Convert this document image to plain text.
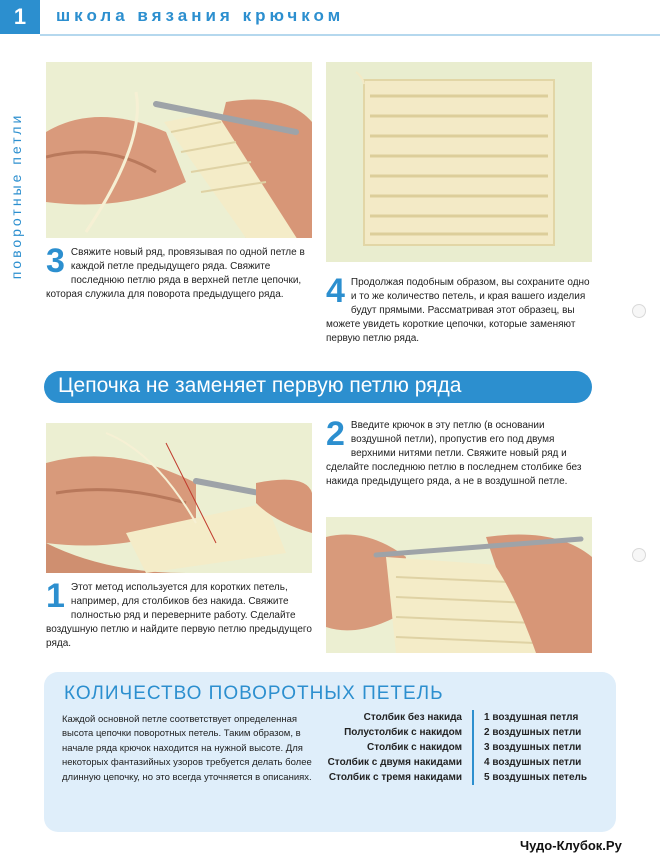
1	школа вязания крючком
поворотные петли 3 Свяжите новый ряд, провязывая по одной петле в каждой петле предыдущего ряда. Свяжите последнюю петлю ряда в верхней петле цепочки, которая служила для поворота предыдущего ряда.	4 Продолжая подобным образом, вы сохраните одно и то же количество петель, и края вашего изделия будут прямыми. Рассматривая этот образец, вы можете увидеть короткие цепочки, которые заменяют первую петлю ряда.
Цепочка не заменяет первую петлю ряда
2 Введите крючок в эту петлю (в основании воздушной петли), пропустив его под двумя верхними нитями петли. Свяжите новый ряд и сделайте последнюю петлю в последнем столбике без накида предыдущего ряда, а не в воздушной петле.
1 Этот метод используется для коротких петель, например, для столбиков без накида. Свяжите полностью ряд и переверните работу. Сделайте воздушную петлю и найдите первую петлю предыдущего ряда.
КОЛИЧЕСТВО ПОВОРОТНЫХ ПЕТЕЛЬ
Каждой основной петле соответствует определенная высота цепочки поворотных петель. Таким образом, в начале ряда крючок находится на нужной высоте. Для некоторых фантазийных узоров требуется делать более длинную цепочку, но это всегда уточняется в описаниях.
Столбик без накида	1 воздушная петля
Полустолбик с накидом	2 воздушных петли
Столбик с накидом	3 воздушных петли
Столбик с двумя накидами	4 воздушных петли
Столбик с тремя накидами	5 воздушных петель
Чудо-Клубок.Ру
